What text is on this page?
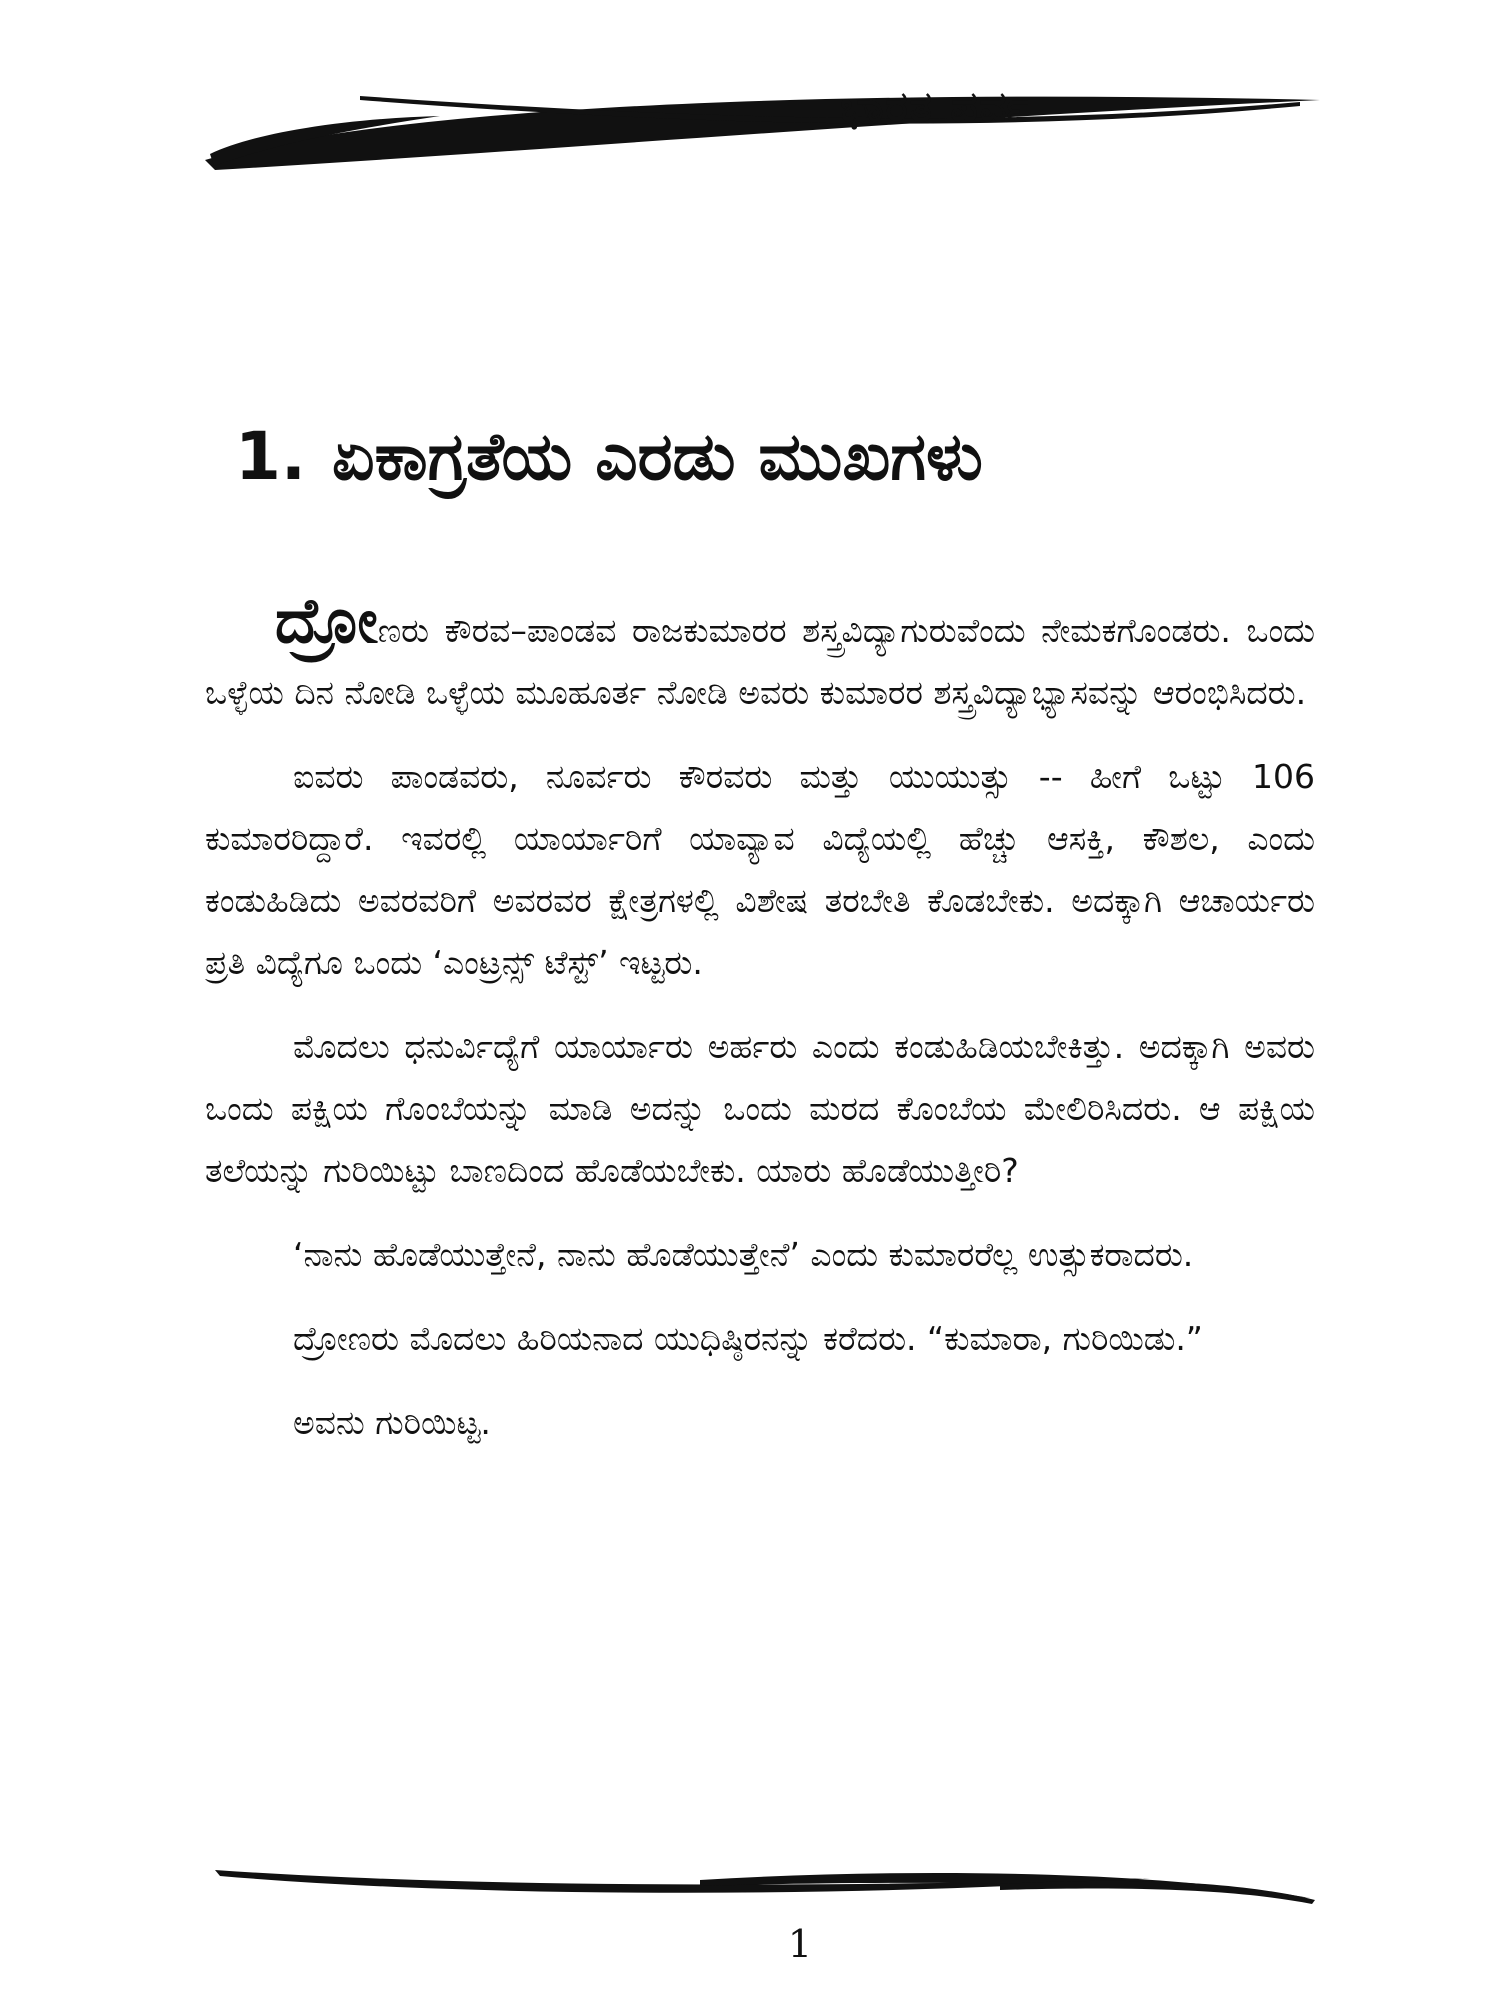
ಭಾರತ ಪರ್ವ
1. ಏಕಾಗ್ರತೆಯ ಎರಡು ಮುಖಗಳು

ದ್ರೋಣರು ಕೌರವ–ಪಾಂಡವ ರಾಜಕುಮಾರರ ಶಸ್ತ್ರವಿದ್ಯಾಗುರುವೆಂದು ನೇಮಕಗೊಂಡರು. ಒಂದು ಒಳ್ಳೆಯ ದಿನ ನೋಡಿ ಒಳ್ಳೆಯ ಮೂಹೂರ್ತ ನೋಡಿ ಅವರು ಕುಮಾರರ ಶಸ್ತ್ರವಿದ್ಯಾಭ್ಯಾಸವನ್ನು ಆರಂಭಿಸಿದರು.

ಐವರು ಪಾಂಡವರು, ನೂರ್ವರು ಕೌರವರು ಮತ್ತು ಯುಯುತ್ಸು -- ಹೀಗೆ ಒಟ್ಟು 106 ಕುಮಾರರಿದ್ದಾರೆ. ಇವರಲ್ಲಿ ಯಾರ್ಯಾರಿಗೆ ಯಾವ್ಯಾವ ವಿದ್ಯೆಯಲ್ಲಿ ಹೆಚ್ಚು ಆಸಕ್ತಿ, ಕೌಶಲ, ಎಂದು ಕಂಡುಹಿಡಿದು ಅವರವರಿಗೆ ಅವರವರ ಕ್ಷೇತ್ರಗಳಲ್ಲಿ ವಿಶೇಷ ತರಬೇತಿ ಕೊಡಬೇಕು. ಅದಕ್ಕಾಗಿ ಆಚಾರ್ಯರು ಪ್ರತಿ ವಿದ್ಯೆಗೂ ಒಂದು ‘ಎಂಟ್ರನ್ಸ್ ಟೆಸ್ಟ್’ ಇಟ್ಟರು.

ಮೊದಲು ಧನುರ್ವಿದ್ಯೆಗೆ ಯಾರ್ಯಾರು ಅರ್ಹರು ಎಂದು ಕಂಡುಹಿಡಿಯಬೇಕಿತ್ತು. ಅದಕ್ಕಾಗಿ ಅವರು ಒಂದು ಪಕ್ಷಿಯ ಗೊಂಬೆಯನ್ನು ಮಾಡಿ ಅದನ್ನು ಒಂದು ಮರದ ಕೊಂಬೆಯ ಮೇಲಿರಿಸಿದರು. ಆ ಪಕ್ಷಿಯ ತಲೆಯನ್ನು ಗುರಿಯಿಟ್ಟು ಬಾಣದಿಂದ ಹೊಡೆಯಬೇಕು. ಯಾರು ಹೊಡೆಯುತ್ತೀರಿ?

‘ನಾನು ಹೊಡೆಯುತ್ತೇನೆ, ನಾನು ಹೊಡೆಯುತ್ತೇನೆ’ ಎಂದು ಕುಮಾರರೆಲ್ಲ ಉತ್ಸುಕರಾದರು.

ದ್ರೋಣರು ಮೊದಲು ಹಿರಿಯನಾದ ಯುಧಿಷ್ಠಿರನನ್ನು ಕರೆದರು. “ಕುಮಾರಾ, ಗುರಿಯಿಡು.”

ಅವನು ಗುರಿಯಿಟ್ಟ.

1
